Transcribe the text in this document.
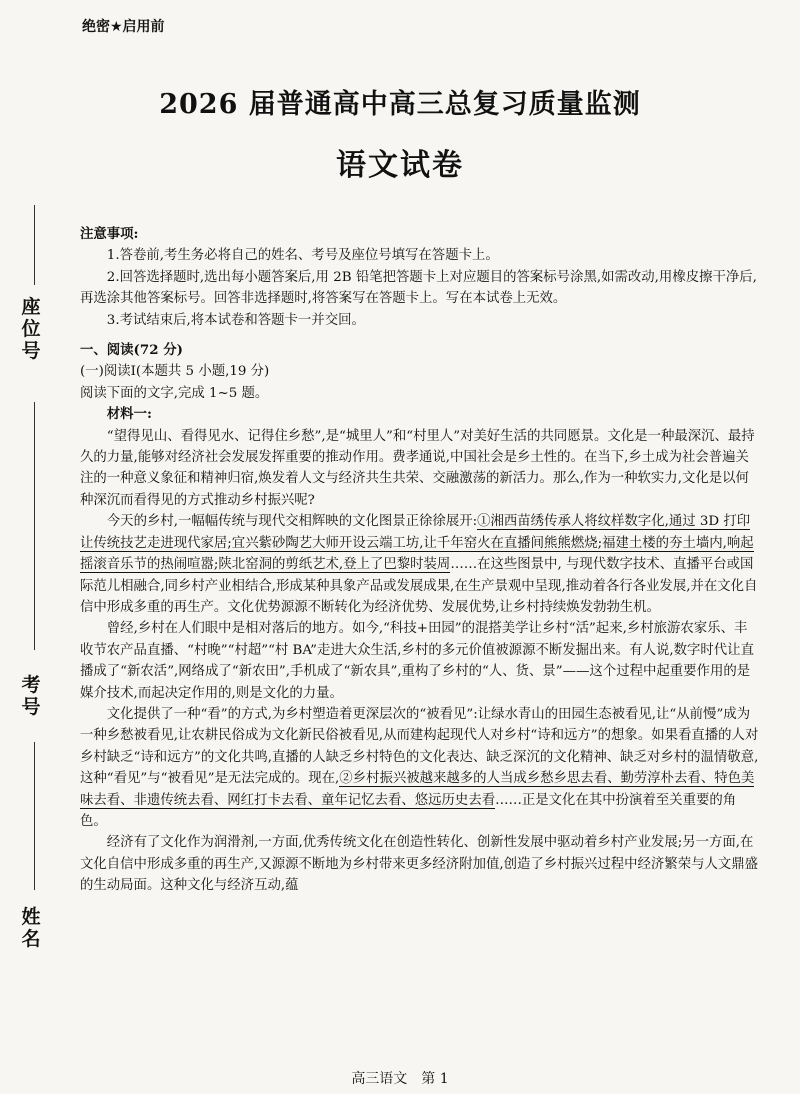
绝密★启用前
2026 届普通高中高三总复习质量监测
语文试卷
座位号
考号
姓名

注意事项:

1.答卷前,考生务必将自己的姓名、考号及座位号填写在答题卡上。

2.回答选择题时,选出每小题答案后,用 2B 铅笔把答题卡上对应题目的答案标号涂黑,如需改动,用橡皮擦干净后,再选涂其他答案标号。回答非选择题时,将答案写在答题卡上。写在本试卷上无效。

3.考试结束后,将本试卷和答题卡一并交回。

一、阅读(72 分)

(一)阅读Ⅰ(本题共 5 小题,19 分)

阅读下面的文字,完成 1~5 题。

材料一:

“望得见山、看得见水、记得住乡愁”,是“城里人”和“村里人”对美好生活的共同愿景。文化是一种最深沉、最持久的力量,能够对经济社会发展发挥重要的推动作用。费孝通说,中国社会是乡土性的。在当下,乡土成为社会普遍关注的一种意义象征和精神归宿,焕发着人文与经济共生共荣、交融激荡的新活力。那么,作为一种软实力,文化是以何种深沉而看得见的方式推动乡村振兴呢?

今天的乡村,一幅幅传统与现代交相辉映的文化图景正徐徐展开:①湘西苗绣传承人将纹样数字化,通过 3D 打印让传统技艺走进现代家居;宜兴紫砂陶艺大师开设云端工坊,让千年窑火在直播间熊熊燃烧;福建土楼的夯土墙内,响起摇滚音乐节的热闹喧嚣;陕北窑洞的剪纸艺术,登上了巴黎时装周……在这些图景中, 与现代数字技术、直播平台或国际范儿相融合,同乡村产业相结合,形成某种具象产品或发展成果,在生产景观中呈现,推动着各行各业发展,并在文化自信中形成多重的再生产。文化优势源源不断转化为经济优势、发展优势,让乡村持续焕发勃勃生机。

曾经,乡村在人们眼中是相对落后的地方。如今,“科技+田园”的混搭美学让乡村“活”起来,乡村旅游农家乐、丰收节农产品直播、“村晚”“村超”“村 BA”走进大众生活,乡村的多元价值被源源不断发掘出来。有人说,数字时代让直播成了“新农活”,网络成了“新农田”,手机成了“新农具”,重构了乡村的“人、货、景”——这个过程中起重要作用的是媒介技术,而起决定作用的,则是文化的力量。

文化提供了一种“看”的方式,为乡村塑造着更深层次的“被看见”:让绿水青山的田园生态被看见,让“从前慢”成为一种乡愁被看见,让农耕民俗成为文化新民俗被看见,从而建构起现代人对乡村“诗和远方”的想象。如果看直播的人对乡村缺乏“诗和远方”的文化共鸣,直播的人缺乏乡村特色的文化表达、缺乏深沉的文化精神、缺乏对乡村的温情敬意,这种“看见”与“被看见”是无法完成的。现在,②乡村振兴被越来越多的人当成乡愁乡思去看、勤劳淳朴去看、特色美味去看、非遗传统去看、网红打卡去看、童年记忆去看、悠远历史去看……正是文化在其中扮演着至关重要的角色。

经济有了文化作为润滑剂,一方面,优秀传统文化在创造性转化、创新性发展中驱动着乡村产业发展;另一方面,在文化自信中形成多重的再生产,又源源不断地为乡村带来更多经济附加值,创造了乡村振兴过程中经济繁荣与人文鼎盛的生动局面。这种文化与经济互动,蕴

高三语文　第 1
